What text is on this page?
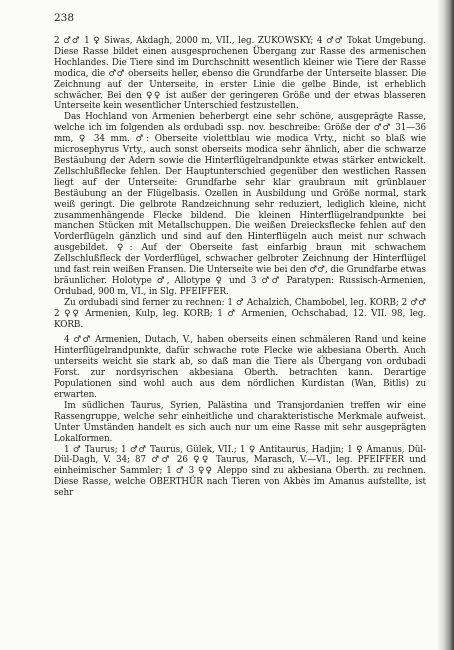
238

2 ♂♂ 1 ♀ Siwas, Akdagh, 2000 m, VII., leg. ZUKOWSKY; 4 ♂♂ Tokat Umgebung. Diese Rasse bildet einen ausgesprochenen Übergang zur Rasse des armenischen Hochlandes. Die Tiere sind im Durchschnitt wesentlich kleiner wie Tiere der Rasse modica, die ♂♂ oberseits heller, ebenso die Grundfarbe der Unterseite blasser. Die Zeichnung auf der Unterseite, in erster Linie die gelbe Binde, ist erheblich schwächer. Bei den ♀♀ ist außer der geringeren Größe und der etwas blasseren Unterseite kein wesentlicher Unterschied festzustellen.

Das Hochland von Armenien beherbergt eine sehr schöne, ausgeprägte Rasse, welche ich im folgenden als ordubadi ssp. nov. beschreibe: Größe der ♂♂ 31—36 mm, ♀ 34 mm. ♂: Oberseite violettblau wie modica Vrty., nicht so blaß wie microsephyrus Vrty., auch sonst oberseits modica sehr ähnlich, aber die schwarze Bestäubung der Adern sowie die Hinterflügelrandpunkte etwas stärker entwickelt. Zellschlußflecke fehlen. Der Hauptunterschied gegenüber den westlichen Rassen liegt auf der Unterseite: Grundfarbe sehr klar graubraun mit grünblauer Bestäubung an der Flügelbasis. Ozellen in Ausbildung und Größe normal, stark weiß geringt. Die gelbrote Randzeichnung sehr reduziert, lediglich kleine, nicht zusammenhängende Flecke bildend. Die kleinen Hinterflügelrandpunkte bei manchen Stücken mit Metallschuppen. Die weißen Dreiecksflecke fehlen auf den Vorderflügeln gänzlich und sind auf den Hinterflügeln auch meist nur schwach ausgebildet. ♀: Auf der Oberseite fast einfarbig braun mit schwachem Zellschlußfleck der Vorderflügel, schwacher gelbroter Zeichnung der Hinterflügel und fast rein weißen Fransen. Die Unterseite wie bei den ♂♂, die Grundfarbe etwas bräunlicher. Holotype ♂, Allotype ♀ und 3 ♂♂ Paratypen: Russisch-Armenien, Ordubad, 900 m, VI., in Slg. PFEIFFER.

Zu ordubadi sind ferner zu rechnen: 1 ♂ Achalzich, Chambobel, leg. KORB; 2 ♂♂ 2 ♀♀ Armenien, Kulp, leg. KORB; 1 ♂ Armenien, Ochschabad, 12. VII. 98, leg. KORB.

4 ♂♂ Armenien, Dutach, V., haben oberseits einen schmäleren Rand und keine Hinterflügelrandpunkte, dafür schwache rote Flecke wie akbesiana Oberth. Auch unterseits weicht sie stark ab, so daß man die Tiere als Übergang von ordubadi Forst. zur nordsyrischen akbesiana Oberth. betrachten kann. Derartige Populationen sind wohl auch aus dem nördlichen Kurdistan (Wan, Bitlis) zu erwarten.

Im südlichen Taurus, Syrien, Palästina und Transjordanien treffen wir eine Rassengruppe, welche sehr einheitliche und charakteristische Merkmale aufweist. Unter Umständen handelt es sich auch nur um eine Rasse mit sehr ausgeprägten Lokalformen.

1 ♂ Taurus; 1 ♂♂ Taurus, Gülek, VII.; 1 ♀ Antitaurus, Hadjin; 1 ♀ Amanus, Dül-Dül-Dagh, V. 34; 87 ♂♂ 26 ♀♀ Taurus, Marasch, V.—VI., leg. PFEIFFER und einheimischer Sammler; 1 ♂ 3 ♀♀ Aleppo sind zu akbesiana Oberth. zu rechnen. Diese Rasse, welche OBERTHÜR nach Tieren von Akbès im Amanus aufstellte, ist sehr
